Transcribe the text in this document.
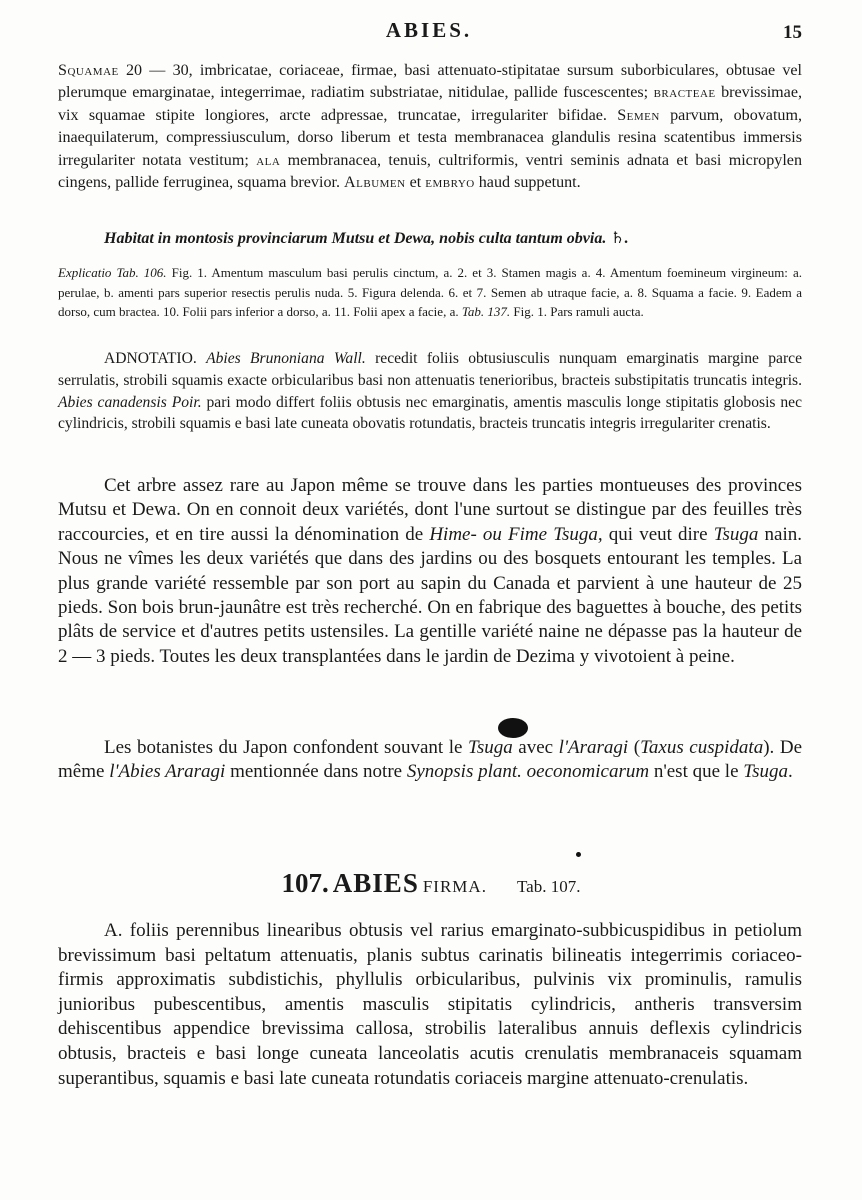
ABIES.	15

Squamae 20 — 30, imbricatae, coriaceae, firmae, basi attenuato-stipitatae sursum suborbiculares, obtusae vel plerumque emarginatae, integerrimae, radiatim substriatae, nitidulae, pallide fuscescentes; bracteae brevissimae, vix squamae stipite longiores, arcte adpressae, truncatae, irregulariter bifidae. Semen parvum, obovatum, inaequilaterum, compressiusculum, dorso liberum et testa membranacea glandulis resina scatentibus immersis irregulariter notata vestitum; ala membranacea, tenuis, cultriformis, ventri seminis adnata et basi micropylen cingens, pallide ferruginea, squama brevior. Albumen et embryo haud suppetunt.

Habitat in montosis provinciarum Mutsu et Dewa, nobis culta tantum obvia. ♄.

Explicatio Tab. 106. Fig. 1. Amentum masculum basi perulis cinctum, a. 2. et 3. Stamen magis a. 4. Amentum foemineum virgineum: a. perulae, b. amenti pars superior resectis perulis nuda. 5. Figura delenda. 6. et 7. Semen ab utraque facie, a. 8. Squama a facie. 9. Eadem a dorso, cum bractea. 10. Folii pars inferior a dorso, a. 11. Folii apex a facie, a. Tab. 137. Fig. 1. Pars ramuli aucta.

ADNOTATIO. Abies Brunoniana Wall. recedit foliis obtusiusculis nunquam emarginatis margine parce serrulatis, strobili squamis exacte orbicularibus basi non attenuatis tenerioribus, bracteis substipitatis truncatis integris. Abies canadensis Poir. pari modo differt foliis obtusis nec emarginatis, amentis masculis longe stipitatis globosis nec cylindricis, strobili squamis e basi late cuneata obovatis rotundatis, bracteis truncatis integris irregulariter crenatis.

Cet arbre assez rare au Japon même se trouve dans les parties montueuses des provinces Mutsu et Dewa. On en connoit deux variétés, dont l'une surtout se distingue par des feuilles très raccourcies, et en tire aussi la dénomination de Hime- ou Fime Tsuga, qui veut dire Tsuga nain. Nous ne vîmes les deux variétés que dans des jardins ou des bosquets entourant les temples. La plus grande variété ressemble par son port au sapin du Canada et parvient à une hauteur de 25 pieds. Son bois brun-jaunâtre est très recherché. On en fabrique des baguettes à bouche, des petits plâts de service et d'autres petits ustensiles. La gentille variété naine ne dépasse pas la hauteur de 2 — 3 pieds. Toutes les deux transplantées dans le jardin de Dezima y vivotoient à peine.

Les botanistes du Japon confondent souvant le Tsuga avec l'Araragi (Taxus cuspidata). De même l'Abies Araragi mentionnée dans notre Synopsis plant. oeconomicarum n'est que le Tsuga.

107. ABIES FIRMA. Tab. 107.

A. foliis perennibus linearibus obtusis vel rarius emarginato-subbicuspidibus in petiolum brevissimum basi peltatum attenuatis, planis subtus carinatis bilineatis integerrimis coriaceo-firmis approximatis subdistichis, phyllulis orbicularibus, pulvinis vix prominulis, ramulis junioribus pubescentibus, amentis masculis stipitatis cylindricis, antheris transversim dehiscentibus appendice brevissima callosa, strobilis lateralibus annuis deflexis cylindricis obtusis, bracteis e basi longe cuneata lanceolatis acutis crenulatis membranaceis squamam superantibus, squamis e basi late cuneata rotundatis coriaceis margine attenuato-crenulatis.
